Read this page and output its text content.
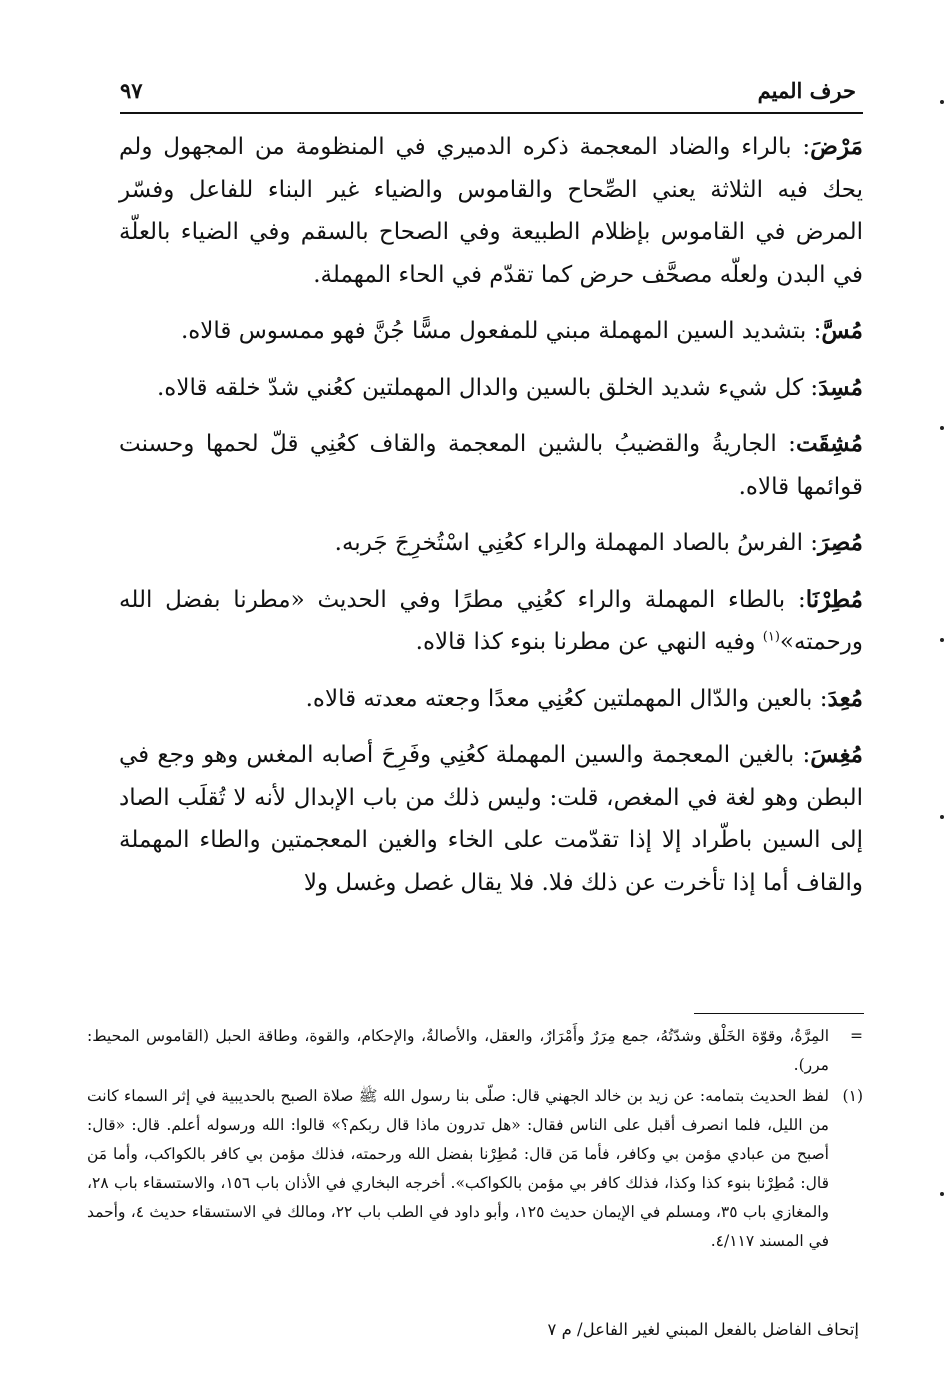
حرف الميم
٩٧

مَرْضَ: بالراء والضاد المعجمة ذكره الدميري في المنظومة من المجهول ولم يحك فيه الثلاثة يعني الصِّحاح والقاموس والضياء غير البناء للفاعل وفسّر المرض في القاموس بإظلام الطبيعة وفي الصحاح بالسقم وفي الضياء بالعلّة في البدن ولعلّه مصحَّف حرض كما تقدّم في الحاء المهملة.

مُسَّ: بتشديد السين المهملة مبني للمفعول مسًّا جُنَّ فهو ممسوس قالاه.

مُسِدَ: كل شيء شديد الخلق بالسين والدال المهملتين كعُني شدّ خلقه قالاه.

مُشِقَت: الجاريةُ والقضيبُ بالشين المعجمة والقاف كعُنِي قلّ لحمها وحسنت قوائمها قالاه.

مُصِرَ: الفرسُ بالصاد المهملة والراء كعُنِي اسْتُخرِجَ جَربه.

مُطِرْنَا: بالطاء المهملة والراء كعُنِي مطرًا وفي الحديث «مطرنا بفضل الله ورحمته»$^{(١)}$ وفيه النهي عن مطرنا بنوء كذا قالاه.

مُعِدَ: بالعين والدّال المهملتين كعُنِي معدًا وجعته معدته قالاه.

مُغِسَ: بالغين المعجمة والسين المهملة كعُنِي وفَرِحَ أصابه المغس وهو وجع في البطن وهو لغة في المغص، قلت: وليس ذلك من باب الإبدال لأنه لا تُقلَب الصاد إلى السين باطّراد إلا إذا تقدّمت على الخاء والغين المعجمتين والطاء المهملة والقاف أما إذا تأخرت عن ذلك فلا. فلا يقال غصل وغسل ولا

=
المِرَّةُ، وقوّة الخَلْق وشدّتُهُ، جمع مِرَرٌ وأَمْرَارٌ، والعقل، والأصالةُ، والإحكام، والقوة، وطاقة الحبل (القاموس المحيط: مرر).
(١)
لفظ الحديث بتمامه: عن زيد بن خالد الجهني قال: صلّى بنا رسول الله ﷺ صلاة الصبح بالحديبية في إثر السماء كانت من الليل، فلما انصرف أقبل على الناس فقال: «هل تدرون ماذا قال ربكم؟» قالوا: الله ورسوله أعلم. قال: «قال: أصبح من عبادي مؤمن بي وكافر، فأما مَن قال: مُطِرْنا بفضل الله ورحمته، فذلك مؤمن بي كافر بالكواكب، وأما مَن قال: مُطِرْنا بنوء كذا وكذا، فذلك كافر بي مؤمن بالكواكب». أخرجه البخاري في الأذان باب ١٥٦، والاستسقاء باب ٢٨، والمغازي باب ٣٥، ومسلم في الإيمان حديث ١٢٥، وأبو داود في الطب باب ٢٢، ومالك في الاستسقاء حديث ٤، وأحمد في المسند ٤/١١٧.
إتحاف الفاضل بالفعل المبني لغير الفاعل/ م ٧
